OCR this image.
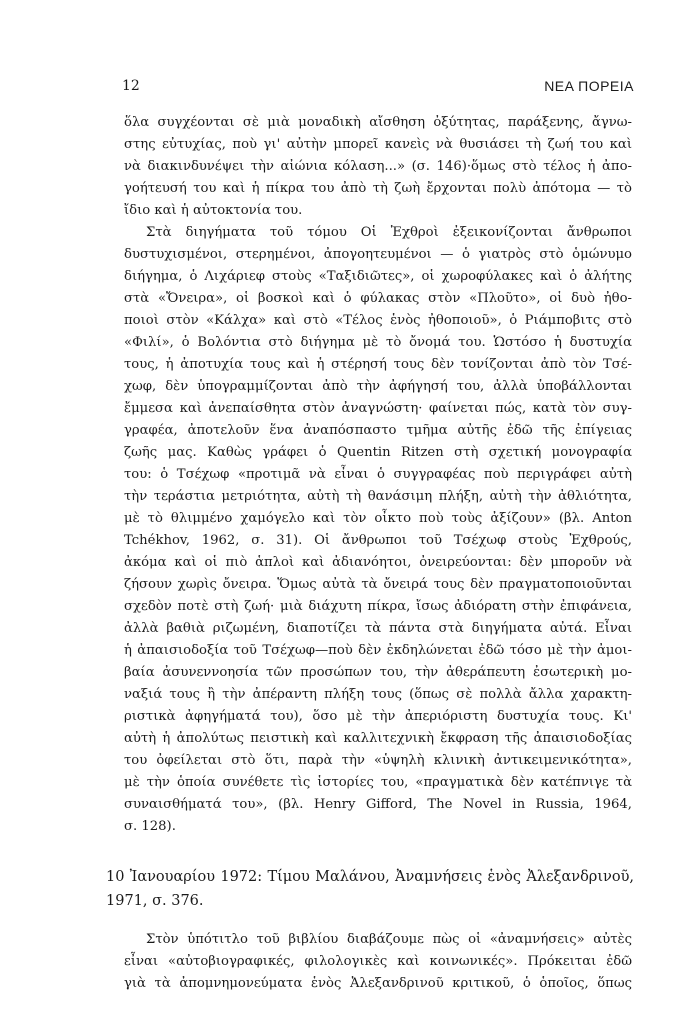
12	ΝΕΑ ΠΟΡΕΙΑ
ὅλα συγχέονται σὲ μιὰ μοναδικὴ αἴσθηση ὀξύτητας, παράξενης, ἄγνω-
στης εὐτυχίας, ποὺ γι' αὐτὴν μπορεῖ κανεὶς νὰ θυσιάσει τὴ ζωή του καὶ
νὰ διακινδυνέψει τὴν αἰώνια κόλαση...» (σ. 146)·ὅμως στὸ τέλος ἡ ἀπο-
γοήτευσή του καὶ ἡ πίκρα του ἀπὸ τὴ ζωὴ ἔρχονται πολὺ ἀπότομα — τὸ
ἴδιο καὶ ἡ αὐτοκτονία του.
Στὰ διηγήματα τοῦ τόμου Οἱ Ἐχθροὶ ἐξεικονίζονται ἄνθρωποι
δυστυχισμένοι, στερημένοι, ἀπογοητευμένοι — ὁ γιατρὸς στὸ ὁμώνυμο
διήγημα, ὁ Λιχάριεφ στοὺς «Ταξιδιῶτες», οἱ χωροφύλακες καὶ ὁ ἀλήτης
στὰ «Ὄνειρα», οἱ βοσκοὶ καὶ ὁ φύλακας στὸν «Πλοῦτο», οἱ δυὸ ἠθο-
ποιοὶ στὸν «Κάλχα» καὶ στὸ «Τέλος ἑνὸς ἠθοποιοῦ», ὁ Ριάμποβιτς στὸ
«Φιλί», ὁ Βολόντια στὸ διήγημα μὲ τὸ ὄνομά του. Ὡστόσο ἡ δυστυχία
τους, ἡ ἀποτυχία τους καὶ ἡ στέρησή τους δὲν τονίζονται ἀπὸ τὸν Τσέ-
χωφ, δὲν ὑπογραμμίζονται ἀπὸ τὴν ἀφήγησή του, ἀλλὰ ὑποβάλλονται
ἔμμεσα καὶ ἀνεπαίσθητα στὸν ἀναγνώστη· φαίνεται πώς, κατὰ τὸν συγ-
γραφέα, ἀποτελοῦν ἕνα ἀναπόσπαστο τμῆμα αὐτῆς ἐδῶ τῆς ἐπίγειας
ζωῆς μας. Καθὼς γράφει ὁ Quentin Ritzen στὴ σχετική μονογραφία
του: ὁ Τσέχωφ «προτιμᾶ νὰ εἶναι ὁ συγγραφέας ποὺ περιγράφει αὐτὴ
τὴν τεράστια μετριότητα, αὐτὴ τὴ θανάσιμη πλήξη, αὐτὴ τὴν ἀθλιότητα,
μὲ τὸ θλιμμένο χαμόγελο καὶ τὸν οἶκτο ποὺ τοὺς ἀξίζουν» (βλ. Anton
Tchékhov, 1962, σ. 31). Οἱ ἄνθρωποι τοῦ Τσέχωφ στοὺς Ἐχθρούς,
ἀκόμα καὶ οἱ πιὸ ἁπλοὶ καὶ ἀδιανόητοι, ὀνειρεύονται: δὲν μποροῦν νὰ
ζήσουν χωρὶς ὄνειρα. Ὅμως αὐτὰ τὰ ὄνειρά τους δὲν πραγματοποιοῦνται
σχεδὸν ποτὲ στὴ ζωή· μιὰ διάχυτη πίκρα, ἴσως ἀδιόρατη στὴν ἐπιφάνεια,
ἀλλὰ βαθιὰ ριζωμένη, διαποτίζει τὰ πάντα στὰ διηγήματα αὐτά. Εἶναι
ἡ ἀπαισιοδοξία τοῦ Τσέχωφ—ποὺ δὲν ἐκδηλώνεται ἐδῶ τόσο μὲ τὴν ἀμοι-
βαία ἀσυνεννοησία τῶν προσώπων του, τὴν ἀθεράπευτη ἐσωτερικὴ μο-
ναξιά τους ἢ τὴν ἀπέραντη πλήξη τους (ὅπως σὲ πολλὰ ἄλλα χαρακτη-
ριστικὰ ἀφηγήματά του), ὅσο μὲ τὴν ἀπεριόριστη δυστυχία τους. Κι'
αὐτὴ ἡ ἀπολύτως πειστικὴ καὶ καλλιτεχνικὴ ἔκφραση τῆς ἀπαισιοδοξίας
του ὀφείλεται στὸ ὅτι, παρὰ τὴν «ὑψηλὴ κλινικὴ ἀντικειμενικότητα»,
μὲ τὴν ὁποία συνέθετε τὶς ἱστορίες του, «πραγματικὰ δὲν κατέπνιγε τὰ
συναισθήματά του», (βλ. Henry Gifford, The Novel in Russia, 1964,
σ. 128).
10 Ἰανουαρίου 1972: Τίμου Μαλάνου, Ἀναμνήσεις ἑνὸς Ἀλεξανδρινοῦ,
1971, σ. 376.
Στὸν ὑπότιτλο τοῦ βιβλίου διαβάζουμε πὼς οἱ «ἀναμνήσεις» αὐτὲς
εἶναι «αὐτοβιογραφικές, φιλολογικὲς καὶ κοινωνικές». Πρόκειται ἐδῶ
γιὰ τὰ ἀπομνημονεύματα ἑνὸς Ἀλεξανδρινοῦ κριτικοῦ, ὁ ὁποῖος, ὅπως
